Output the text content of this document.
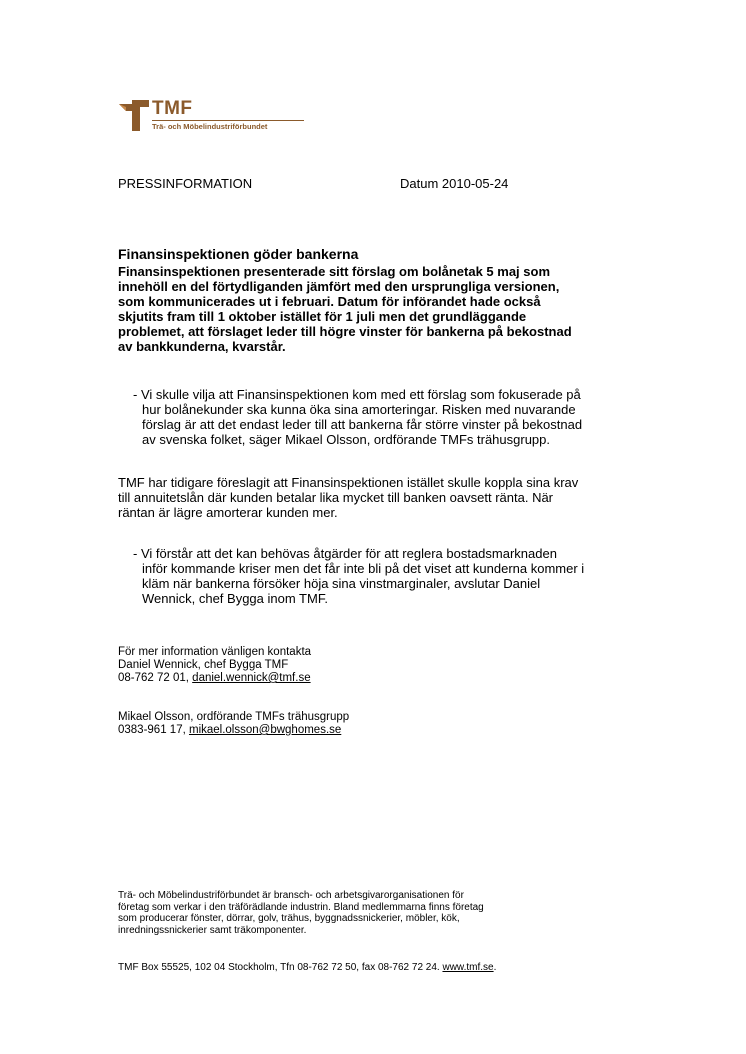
TMF
Trä- och Möbelindustriförbundet
PRESSINFORMATION	Datum 2010-05-24
Finansinspektionen göder bankerna
Finansinspektionen presenterade sitt förslag om bolånetak 5 maj som
innehöll en del förtydliganden jämfört med den ursprungliga versionen,
som kommunicerades ut i februari. Datum för införandet hade också
skjutits fram till 1 oktober istället för 1 juli men det grundläggande
problemet, att förslaget leder till högre vinster för bankerna på bekostnad
av bankkunderna, kvarstår.
- Vi skulle vilja att Finansinspektionen kom med ett förslag som fokuserade på
hur bolånekunder ska kunna öka sina amorteringar. Risken med nuvarande
förslag är att det endast leder till att bankerna får större vinster på bekostnad
av svenska folket, säger Mikael Olsson, ordförande TMFs trähusgrupp.
TMF har tidigare föreslagit att Finansinspektionen istället skulle koppla sina krav
till annuitetslån där kunden betalar lika mycket till banken oavsett ränta. När
räntan är lägre amorterar kunden mer.
- Vi förstår att det kan behövas åtgärder för att reglera bostadsmarknaden
inför kommande kriser men det får inte bli på det viset att kunderna kommer i
kläm när bankerna försöker höja sina vinstmarginaler, avslutar Daniel
Wennick, chef Bygga inom TMF.
För mer information vänligen kontakta
Daniel Wennick, chef Bygga TMF
08-762 72 01, daniel.wennick@tmf.se
Mikael Olsson, ordförande TMFs trähusgrupp
0383-961 17, mikael.olsson@bwghomes.se
Trä- och Möbelindustriförbundet är bransch- och arbetsgivarorganisationen för
företag som verkar i den träförädlande industrin. Bland medlemmarna finns företag
som producerar fönster, dörrar, golv, trähus, byggnadssnickerier, möbler, kök,
inredningssnickerier samt träkomponenter.
TMF Box 55525, 102 04 Stockholm, Tfn 08-762 72 50, fax 08-762 72 24. www.tmf.se.
